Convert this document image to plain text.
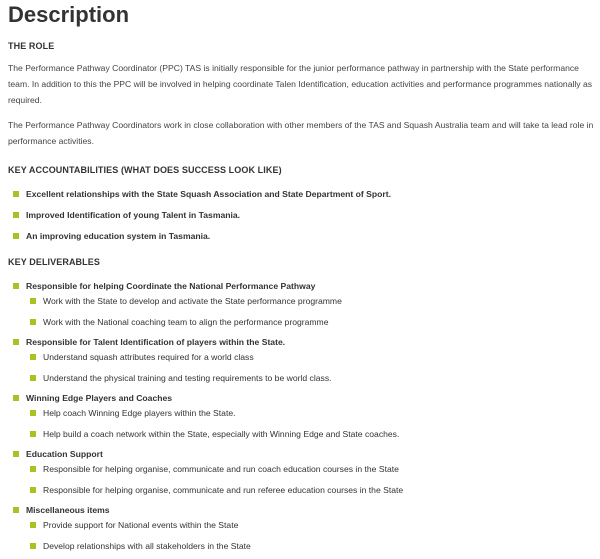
Description
THE ROLE

The Performance Pathway Coordinator (PPC) TAS is initially responsible for the junior performance pathway in partnership with the State performance team. In addition to this the PPC will be involved in helping coordinate Talen Identification, education activities and performance programmes nationally as required.

The Performance Pathway Coordinators work in close collaboration with other members of the TAS and Squash Australia team and will take ta lead role in performance activities.

KEY ACCOUNTABILITIES (WHAT DOES SUCCESS LOOK LIKE)
Excellent relationships with the State Squash Association and State Department of Sport.
Improved Identification of young Talent in Tasmania.
An improving education system in Tasmania.
KEY DELIVERABLES
Responsible for helping Coordinate the National Performance Pathway
Work with the State to develop and activate the State performance programme
Work with the National coaching team to align the performance programme
Responsible for Talent Identification of players within the State.
Understand squash attributes required for a world class
Understand the physical training and testing requirements to be world class.
Winning Edge Players and Coaches
Help coach Winning Edge players within the State.
Help build a coach network within the State, especially with Winning Edge and State coaches.
Education Support
Responsible for helping organise, communicate and run coach education courses in the State
Responsible for helping organise, communicate and run referee education courses in the State
Miscellaneous items
Provide support for National events within the State
Develop relationships with all stakeholders in the State
